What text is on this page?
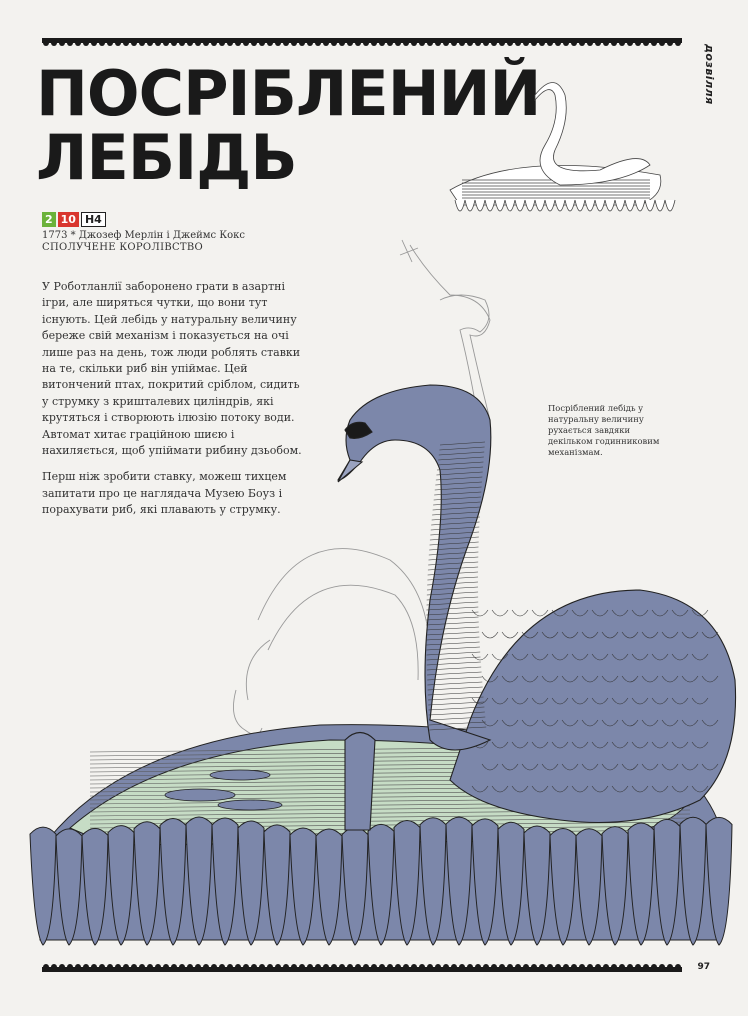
дозвілля
ПОСРІБЛЕНИЙ
ЛЕБІДЬ
2 10 H4
1773 * Джозеф Мерлін і Джеймс Кокс
СПОЛУЧЕНЕ КОРОЛІВСТВО

У Роботланлії заборонено грати в азартні ігри, але ширяться чутки, що вони тут існують. Цей лебідь у натуральну величину береже свій механізм і показується на очі лише раз на день, тож люди роблять ставки на те, скільки риб він упіймає. Цей витончений птах, покритий сріблом, сидить у струмку з кришталевих циліндрів, які крутяться і створюють ілюзію потоку води. Автомат хитає граційною шиєю і нахиляється, щоб упіймати рибину дзьобом.

Перш ніж зробити ставку, можеш тихцем запитати про це наглядача Музею Боуз і порахувати риб, які плавають у струмку.

Посріблений лебідь у натуральну величину рухається завдяки декільком годинниковим механізмам.
97
